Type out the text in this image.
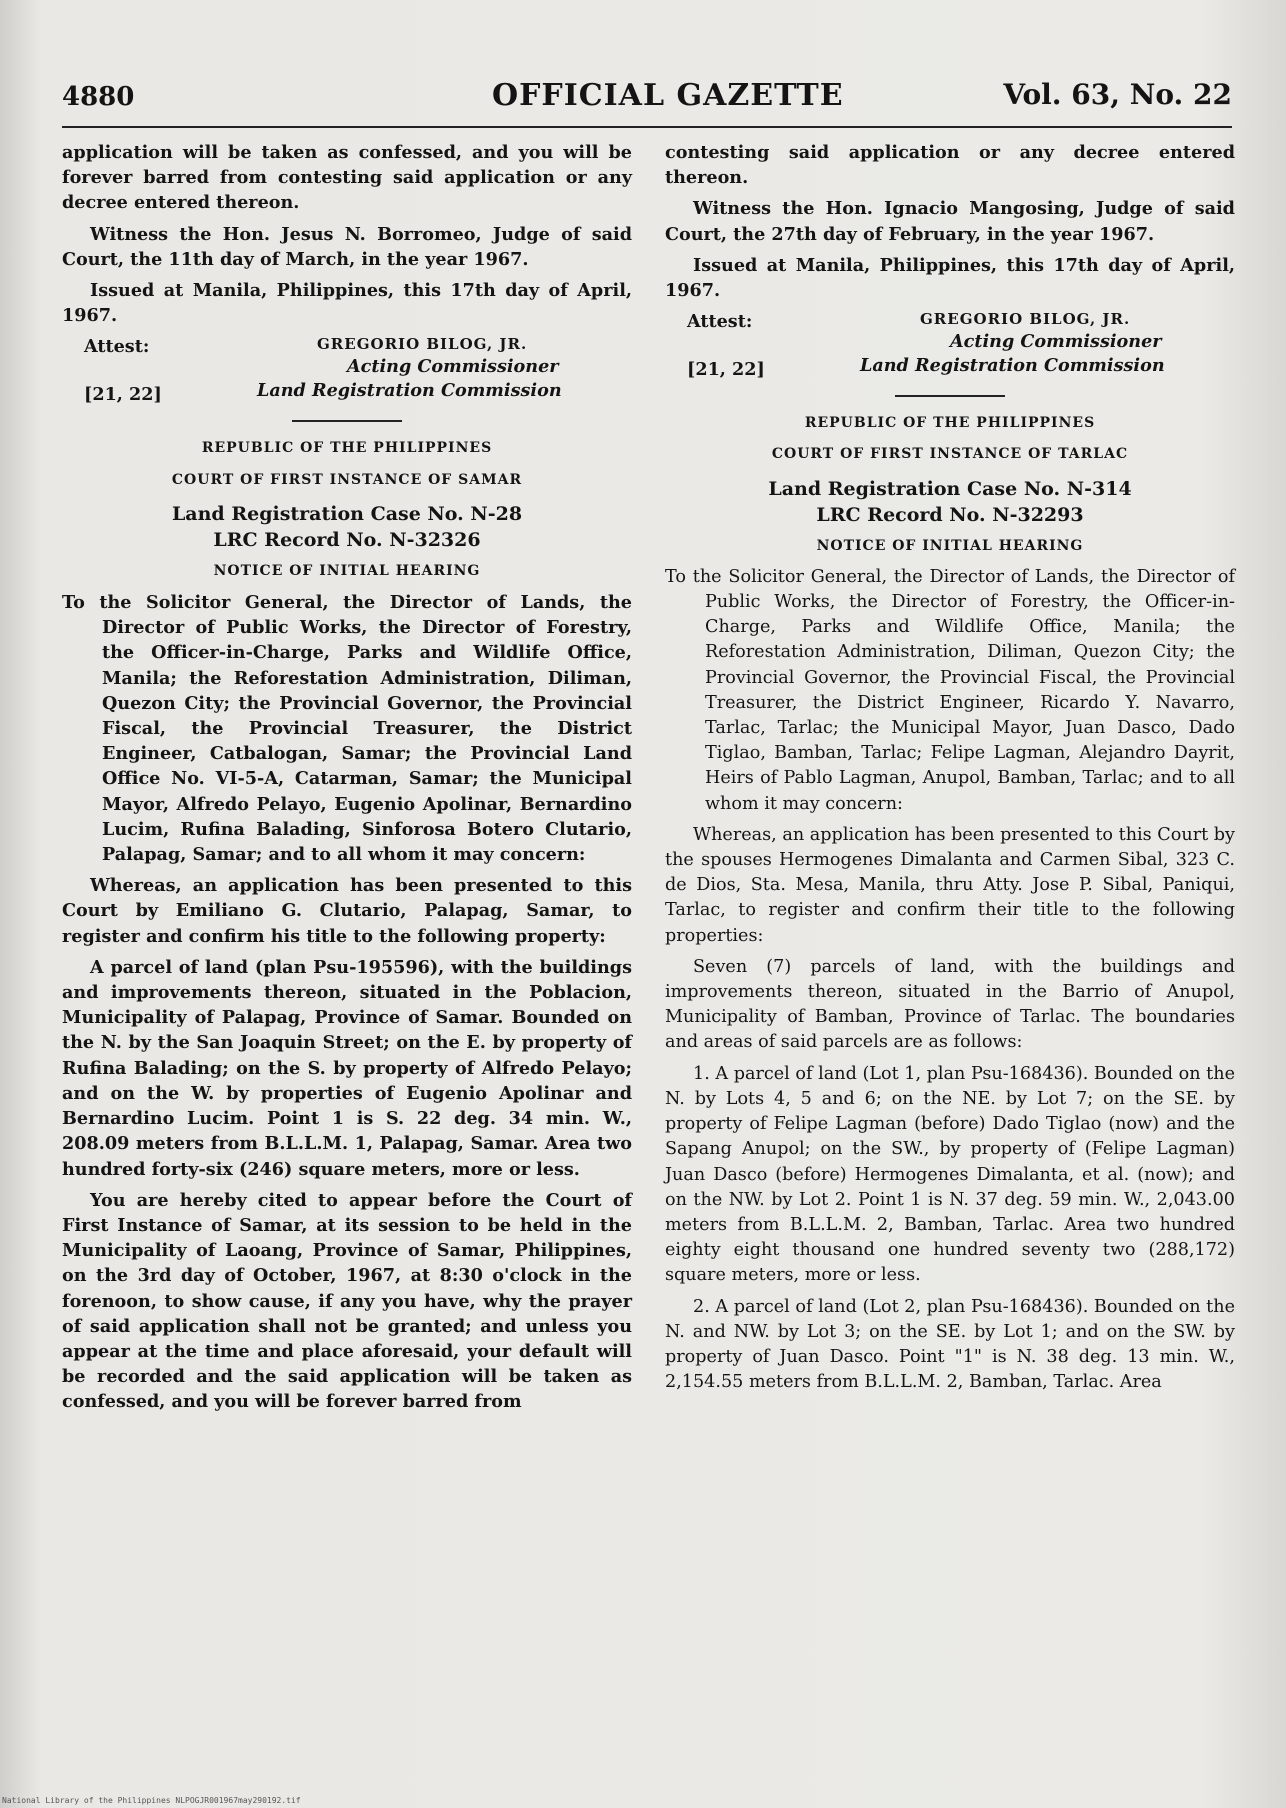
4880	OFFICIAL GAZETTE	Vol. 63, No. 22

application will be taken as confessed, and you will be forever barred from contesting said application or any decree entered thereon.

Witness the Hon. Jesus N. Borromeo, Judge of said Court, the 11th day of March, in the year 1967.

Issued at Manila, Philippines, this 17th day of April, 1967.

Attest:	GREGORIO BILOG, JR.
Acting Commissioner
[21, 22]	Land Registration Commission
REPUBLIC OF THE PHILIPPINES
COURT OF FIRST INSTANCE OF SAMAR
Land Registration Case No. N-28
LRC Record No. N-32326
NOTICE OF INITIAL HEARING

To the Solicitor General, the Director of Lands, the Director of Public Works, the Director of Forestry, the Officer-in-Charge, Parks and Wildlife Office, Manila; the Reforestation Administration, Diliman, Quezon City; the Provincial Governor, the Provincial Fiscal, the Provincial Treasurer, the District Engineer, Catbalogan, Samar; the Provincial Land Office No. VI-5-A, Catarman, Samar; the Municipal Mayor, Alfredo Pelayo, Eugenio Apolinar, Bernardino Lucim, Rufina Balading, Sinforosa Botero Clutario, Palapag, Samar; and to all whom it may concern:

Whereas, an application has been presented to this Court by Emiliano G. Clutario, Palapag, Samar, to register and confirm his title to the following property:

A parcel of land (plan Psu-195596), with the buildings and improvements thereon, situated in the Poblacion, Municipality of Palapag, Province of Samar. Bounded on the N. by the San Joaquin Street; on the E. by property of Rufina Balading; on the S. by property of Alfredo Pelayo; and on the W. by properties of Eugenio Apolinar and Bernardino Lucim. Point 1 is S. 22 deg. 34 min. W., 208.09 meters from B.L.L.M. 1, Palapag, Samar. Area two hundred forty-six (246) square meters, more or less.

You are hereby cited to appear before the Court of First Instance of Samar, at its session to be held in the Municipality of Laoang, Province of Samar, Philippines, on the 3rd day of October, 1967, at 8:30 o'clock in the forenoon, to show cause, if any you have, why the prayer of said application shall not be granted; and unless you appear at the time and place aforesaid, your default will be recorded and the said application will be taken as confessed, and you will be forever barred from

contesting said application or any decree entered thereon.

Witness the Hon. Ignacio Mangosing, Judge of said Court, the 27th day of February, in the year 1967.

Issued at Manila, Philippines, this 17th day of April, 1967.

Attest:	GREGORIO BILOG, JR.
Acting Commissioner
[21, 22]	Land Registration Commission
REPUBLIC OF THE PHILIPPINES
COURT OF FIRST INSTANCE OF TARLAC
Land Registration Case No. N-314
LRC Record No. N-32293
NOTICE OF INITIAL HEARING

To the Solicitor General, the Director of Lands, the Director of Public Works, the Director of Forestry, the Officer-in-Charge, Parks and Wildlife Office, Manila; the Reforestation Administration, Diliman, Quezon City; the Provincial Governor, the Provincial Fiscal, the Provincial Treasurer, the District Engineer, Ricardo Y. Navarro, Tarlac, Tarlac; the Municipal Mayor, Juan Dasco, Dado Tiglao, Bamban, Tarlac; Felipe Lagman, Alejandro Dayrit, Heirs of Pablo Lagman, Anupol, Bamban, Tarlac; and to all whom it may concern:

Whereas, an application has been presented to this Court by the spouses Hermogenes Dimalanta and Carmen Sibal, 323 C. de Dios, Sta. Mesa, Manila, thru Atty. Jose P. Sibal, Paniqui, Tarlac, to register and confirm their title to the following properties:

Seven (7) parcels of land, with the buildings and improvements thereon, situated in the Barrio of Anupol, Municipality of Bamban, Province of Tarlac. The boundaries and areas of said parcels are as follows:

1. A parcel of land (Lot 1, plan Psu-168436). Bounded on the N. by Lots 4, 5 and 6; on the NE. by Lot 7; on the SE. by property of Felipe Lagman (before) Dado Tiglao (now) and the Sapang Anupol; on the SW., by property of (Felipe Lagman) Juan Dasco (before) Hermogenes Dimalanta, et al. (now); and on the NW. by Lot 2. Point 1 is N. 37 deg. 59 min. W., 2,043.00 meters from B.L.L.M. 2, Bamban, Tarlac. Area two hundred eighty eight thousand one hundred seventy two (288,172) square meters, more or less.

2. A parcel of land (Lot 2, plan Psu-168436). Bounded on the N. and NW. by Lot 3; on the SE. by Lot 1; and on the SW. by property of Juan Dasco. Point "1" is N. 38 deg. 13 min. W., 2,154.55 meters from B.L.L.M. 2, Bamban, Tarlac. Area

National Library of the Philippines NLPOGJR001967may290192.tif
